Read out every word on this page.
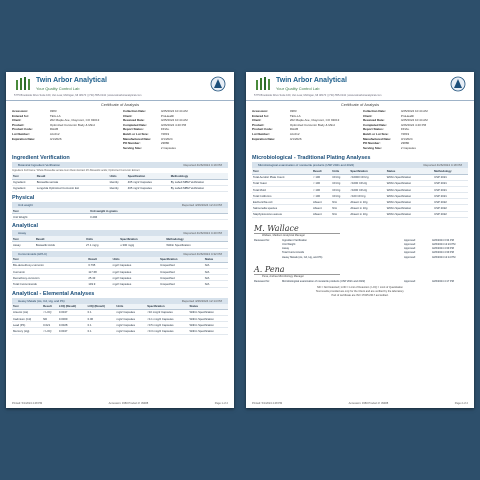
Twin Arbor Analytical
Your Quality Control Lab
5775 Brookside Drive Suite 100, Van Lear, Michigan, MI 48170 | (734) 555-0142 | www.twinarboranalytical.com
Certificate of Analysis
Accession:	0383	Collection Date:	4/25/2024 10:44 AM
Entered for:	TEG-LA	Client:	ProHealth
Client:	202 Maple Ave, Claymont, CO 93013	Received Date:	4/25/2024 10:44 AM
Product:	Optimized Curcumin Body & Mind	Completed Date:	4/26/2024 4:40 PM
Product Code:	RHAB	Report Status:	FINAL
Lot Number:	A4-012	Batch or Lot Size:	72819
Expiration Date:	4/1/2026	Manufactured Date:	3/1/2024
PO Number:	23880
Serving Size:	2 Capsules
Ingredient Verification
Botanical Ingredient Verification	Reported 4/26/2024 4:19 PM
Ingredient Full Name: Whole Boswellia serrata Gum Resin Extract 2% Boswellic acids; Optimized Curcumin Extract
Test	Result	Units	Specification	Methodology
Ingredient	Boswellia serrata	Identity	465 mg/2 Capsules	By Labelt MBM Verification
Ingredient	Longvida Optimized Curcumin Ext	Identity	465 mg/2 Capsules	By Labelt MBM Verification
Physical
Unit weight	Reported 4/26/2024 12:24 PM
Test	Unit weight in grams
Unit Weight	0.296
Analytical
Assay	Reported 4/26/2024 4:40 PM
Test	Result	Units	Specification	Methodology
Assay	Boswellic Acids	27.1 mg/g	≥ 300 mg/g	Within Specification
Curcuminoids (HPLC)	Reported 4/26/2024 4:32 PM
Test	Result	Units	Specification	Status
Bis-demethoxy-curcumin	6.795	mg/2 Capsules	Unspecified	N/A
Curcumin	117.68	mg/2 Capsules	Unspecified	N/A
Demethoxy-curcumin	25.43	mg/2 Capsules	Unspecified	N/A
Total Curcuminoids	149.9	mg/2 Capsules	Unspecified	N/A
Analytical - Elemental Analyses
Heavy Metals (As, Cd, Hg, and Pb)	Reported 4/26/2024 12:14 PM
Test	Result	LOQ (Result)	LOQ (Result)	Units	Specification	Status
Arsenic (As)	< LOQ	0.0047	0.1	mg/2 Capsules	<10 mcg/2 Capsules	Within Specification
Cadmium (Cd)	ND	0.0009	0.06	mg/2 Capsules	<4.1 mcg/2 Capsules	Within Specification
Lead (Pb)	0.021	0.0028	0.1	mg/2 Capsules	<0.5 mcg/2 Capsules	Within Specification
Mercury (Hg)	< LOQ	0.0047	0.1	mg/2 Capsules	<0.3 mcg/2 Capsules	Within Specification
Printed: 5/1/2024 4:48 PM	Accession: 0383 Product #: 39488	Page 1 of 2
Twin Arbor Analytical
Your Quality Control Lab
5775 Brookside Drive Suite 100, Van Lear, Michigan, MI 48170 | (734) 555-0142 | www.twinarboranalytical.com
Certificate of Analysis
Accession:	0383	Collection Date:	4/25/2024 10:44 AM
Entered for:	TEG-LA	Client:	ProHealth
Client:	202 Maple Ave, Claymont, CO 93013	Received Date:	4/25/2024 10:44 AM
Product:	Optimized Curcumin Body & Mind	Completed Date:	4/26/2024 4:40 PM
Product Code:	RHAB	Report Status:	FINAL
Lot Number:	A4-012	Batch or Lot Size:	72819
Expiration Date:	4/1/2026	Manufactured Date:	3/1/2024
PO Number:	23880
Serving Size:	2 Capsules
Microbiological - Traditional Plating Analyses
Microbiological examination of nonsterile products (USP 2021 and 2022)	Reported 4/26/2024 4:18 PM
Test	Result	Units	Specification	Status	Methodology
Total Aerobic Plate Count	< 100	CFU/g	<10000 CFU/g	Within Specification	USP 2021
Total Yeast	< 100	CFU/g	<1000 CFU/g	Within Specification	USP 2021
Total Mold	< 100	CFU/g	<1000 CFU/g	Within Specification	USP 2021
Total Coliforms	< 100	CFU/g	<100 CFU/g	Within Specification	USP 2021
Escherichia coli	Absent	N/A	Absent in 10g	Within Specification	USP 2022
Salmonella species	Absent	N/A	Absent in 10g	Within Specification	USP 2022
Staphylococcus aureus	Absent	N/A	Absent in 10g	Within Specification	USP 2022
M. Wallace
Wallace, Madison Analytical Manager
Reviewed for:	Ingredient Verification	Approved:	4/26/2024 3:34 PM
Unit Weight	Approved:	4/26/2024 12:24 PM
Assay	Approved:	4/26/2024 4:39 PM
Total Curcuminoids	Approved:	4/26/2024 4:39 PM
Heavy Metals (As, Cd, Hg, and Pb)	Approved:	4/26/2024 12:14 PM
A. Pena
Pena, Andrea Microbiology Manager
Reviewed for:	Microbiological examination of nonsterile products (USP 2021 and 2022)	Approved:	4/26/2024 4:17 PM
ND = Not Detected | LOD = Limit of Detection | LOQ = Limit of Quantitation
Test results provided are only for the Client and are verified by the laboratory.
Part of certificate are ISO 17025:2017 accredited.
Printed: 5/1/2024 4:48 PM	Accession: 0383 Product #: 39488	Page 2 of 2
